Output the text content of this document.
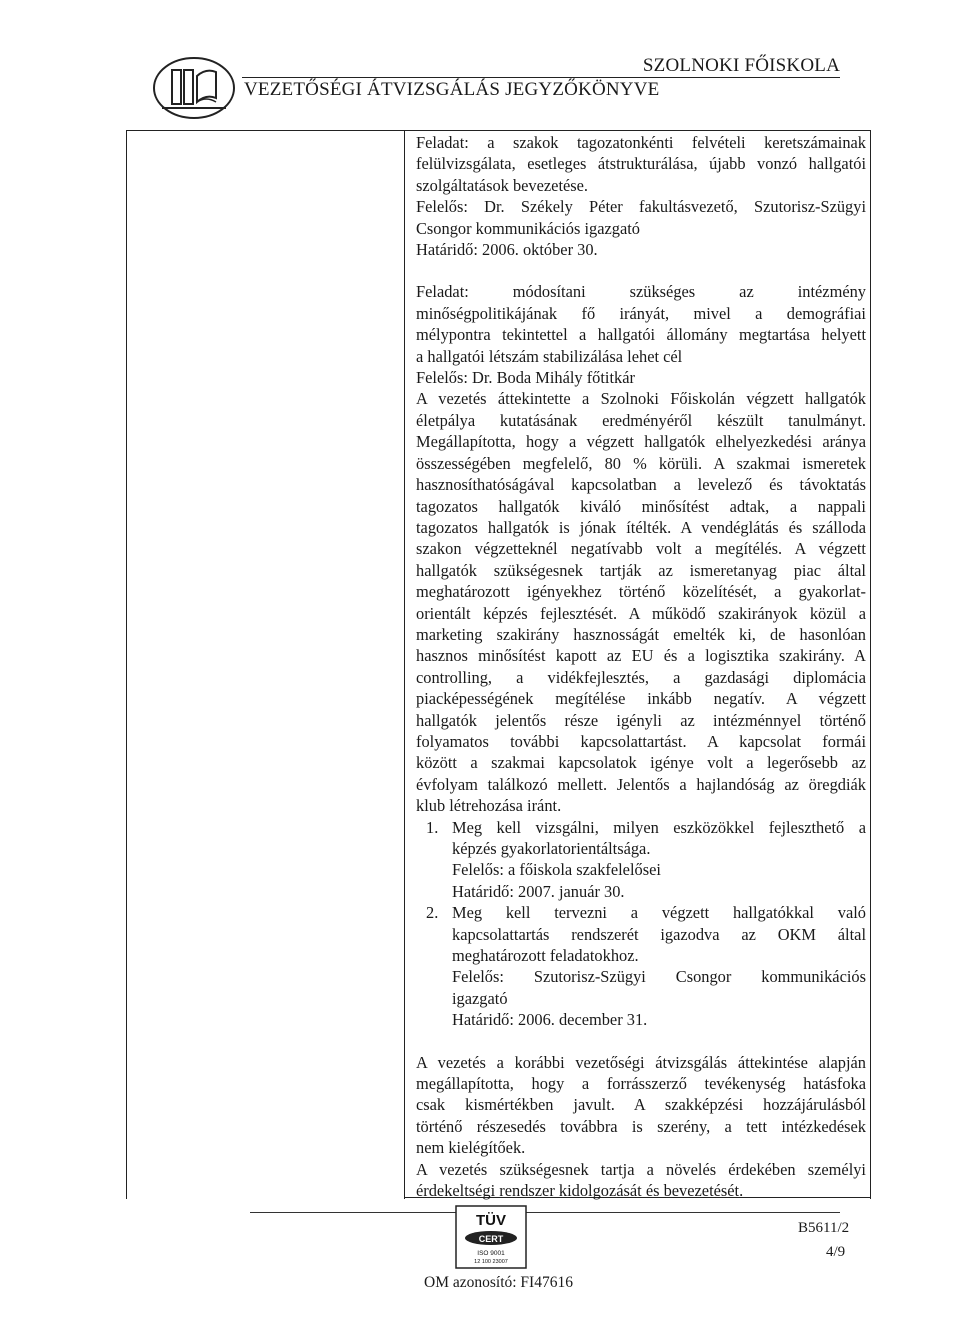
SZOLNOKI FŐISKOLA
VEZETŐSÉGI ÁTVIZSGÁLÁS JEGYZŐKÖNYVE

Feladat: a szakok tagozatonkénti felvételi keretszámainak

felülvizsgálata, esetleges átstrukturálása, újabb vonzó hallgatói

szolgáltatások bevezetése.

Felelős: Dr. Székely Péter fakultásvezető, Szutorisz-Szügyi

Csongor kommunikációs igazgató

Határidő: 2006. október 30.

Feladat: módosítani szükséges az intézmény

minőségpolitikájának fő irányát, mivel a demográfiai

mélypontra tekintettel a hallgatói állomány megtartása helyett

a hallgatói létszám stabilizálása lehet cél

Felelős: Dr. Boda Mihály főtitkár

A vezetés áttekintette a Szolnoki Főiskolán végzett hallgatók

életpálya kutatásának eredményéről készült tanulmányt.

Megállapította, hogy a végzett hallgatók elhelyezkedési aránya

összességében megfelelő, 80 % körüli. A szakmai ismeretek

hasznosíthatóságával kapcsolatban a levelező és távoktatás

tagozatos hallgatók kiváló minősítést adtak, a nappali

tagozatos hallgatók is jónak ítélték. A vendéglátás és szálloda

szakon végzetteknél negatívabb volt a megítélés. A végzett

hallgatók szükségesnek tartják az ismeretanyag piac által

meghatározott igényekhez történő közelítését, a gyakorlat-

orientált képzés fejlesztését. A működő szakirányok közül a

marketing szakirány hasznosságát emelték ki, de hasonlóan

hasznos minősítést kapott az EU és a logisztika szakirány. A

controlling, a vidékfejlesztés, a gazdasági diplomácia

piacképességének megítélése inkább negatív. A végzett

hallgatók jelentős része igényli az intézménnyel történő

folyamatos további kapcsolattartást. A kapcsolat formái

között a szakmai kapcsolatok igénye volt a legerősebb az

évfolyam találkozó mellett. Jelentős a hajlandóság az öregdiák

klub létrehozása iránt.

1. Meg kell vizsgálni, milyen eszközökkel fejleszthető a

képzés gyakorlatorientáltsága.

Felelős: a főiskola szakfelelősei

Határidő: 2007. január 30.

2. Meg kell tervezni a végzett hallgatókkal való

kapcsolattartás rendszerét igazodva az OKM által

meghatározott feladatokhoz.

Felelős: Szutorisz-Szügyi Csongor kommunikációs

igazgató

Határidő: 2006. december 31.

A vezetés a korábbi vezetőségi átvizsgálás áttekintése alapján

megállapította, hogy a forrásszerző tevékenység hatásfoka

csak kismértékben javult. A szakképzési hozzájárulásból

történő részesedés továbbra is szerény, a tett intézkedések

nem kielégítőek.

A vezetés szükségesnek tartja a növelés érdekében személyi

érdekeltségi rendszer kidolgozását és bevezetését.

TÜV
CERT
ISO 9001
12 100 23007
OM azonosító: FI47616
B5611/2
4/9
